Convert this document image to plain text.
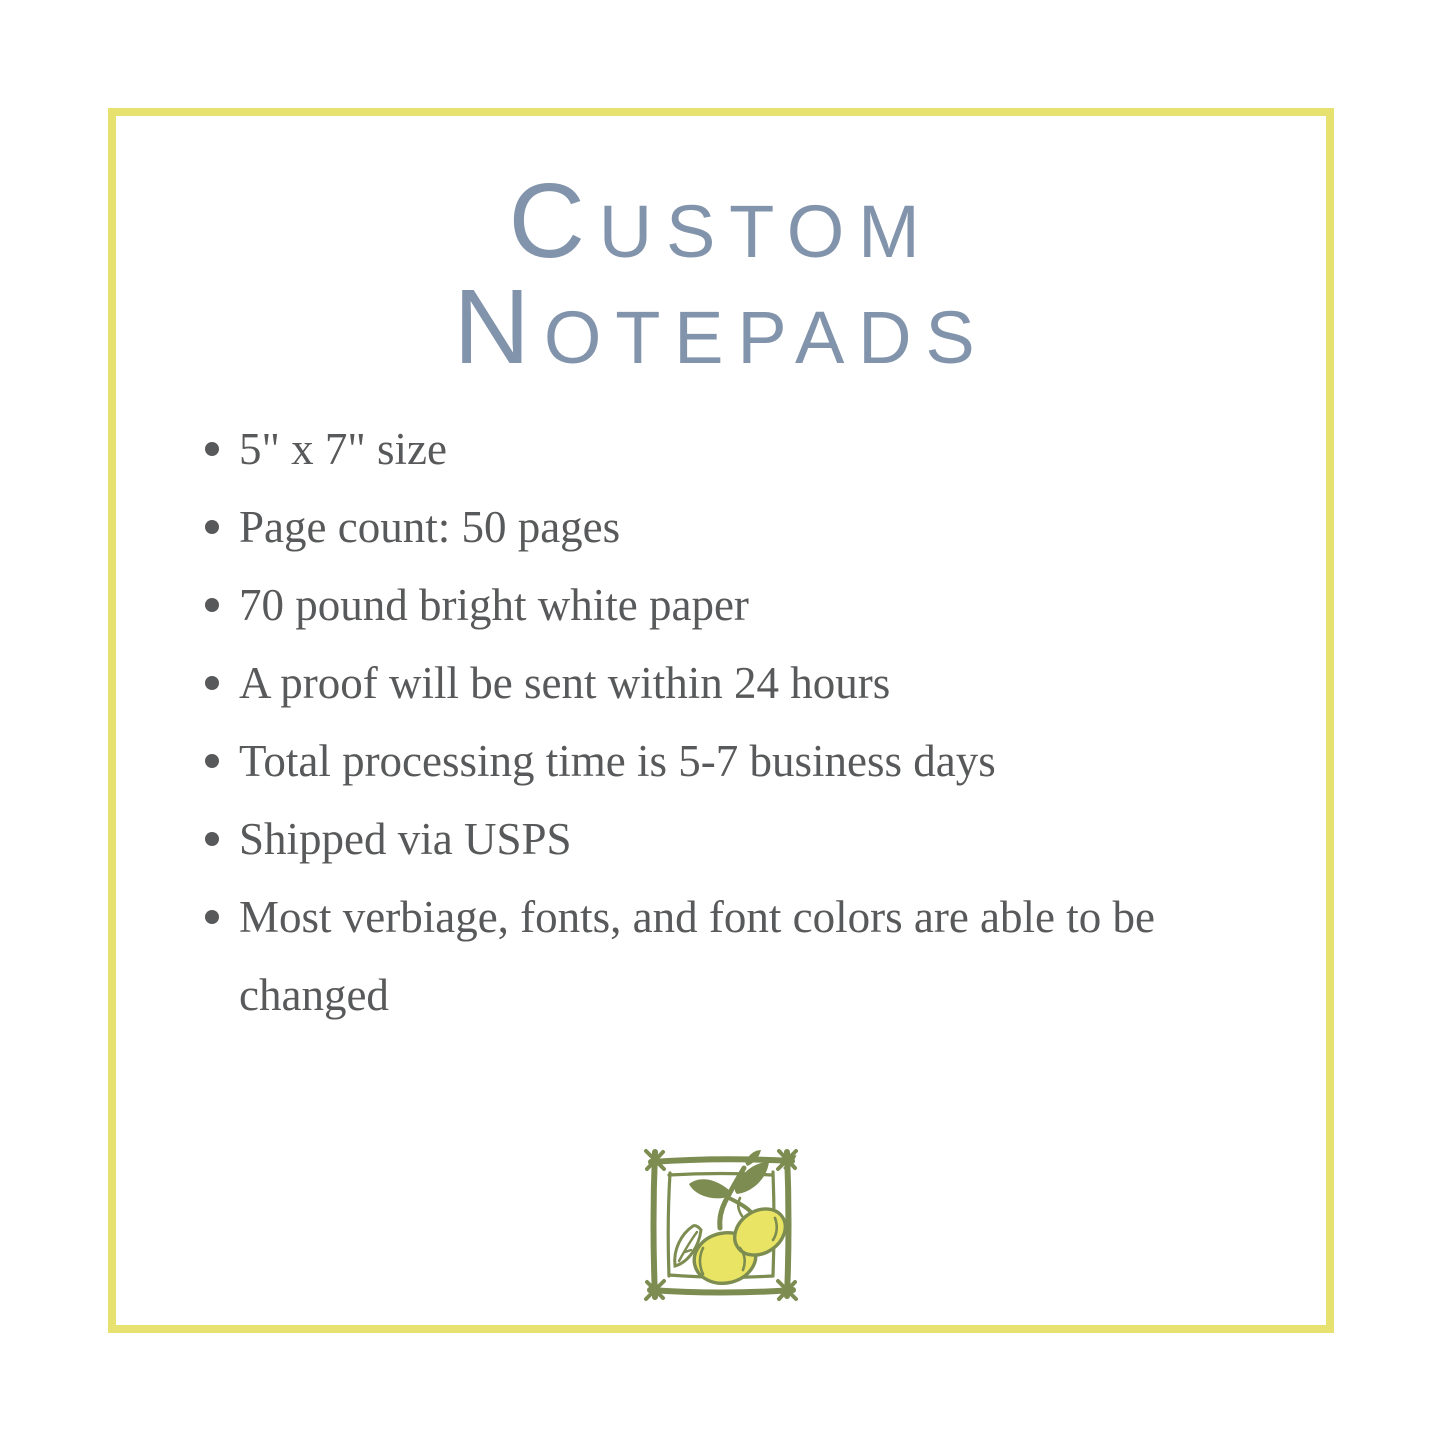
Custom
Notepads
5" x 7" size
Page count: 50 pages
70 pound bright white paper
A proof will be sent within 24 hours
Total processing time is 5-7 business days
Shipped via USPS
Most verbiage, fonts, and font colors are able to be changed
